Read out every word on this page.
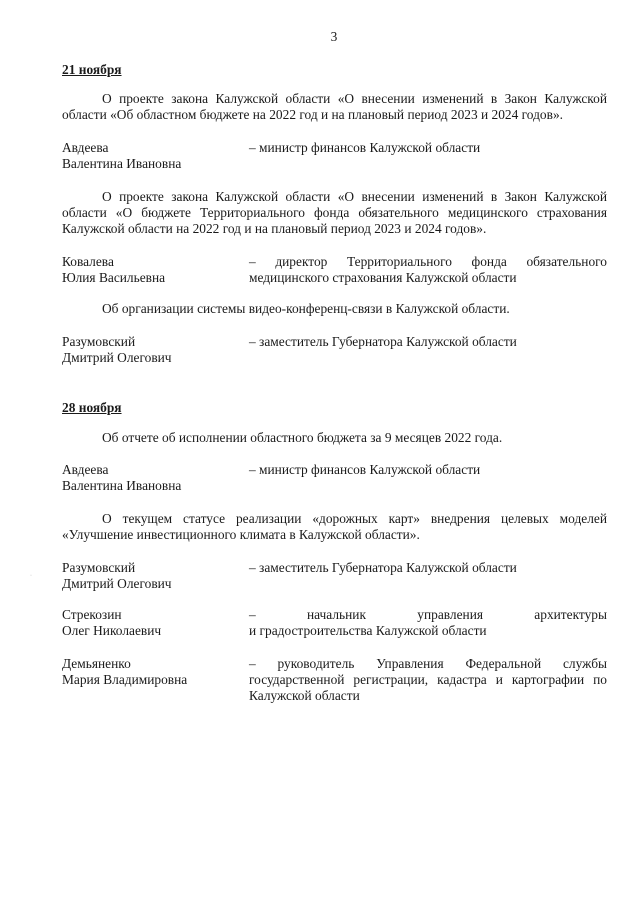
3
21 ноября
О проекте закона Калужской области «О внесении изменений в Закон Калужской области «Об областном бюджете на 2022 год и на плановый период 2023 и 2024 годов».
Авдеева
Валентина Ивановна
– министр финансов Калужской области
О проекте закона Калужской области «О внесении изменений в Закон Калужской области «О бюджете Территориального фонда обязательного медицинского страхования Калужской области на 2022 год и на плановый период 2023 и 2024 годов».
Ковалева
Юлия Васильевна
– директор Территориального фонда обязательного медицинского страхования Калужской области
Об организации системы видео-конференц-связи в Калужской области.
Разумовский
Дмитрий Олегович
– заместитель Губернатора Калужской области
28 ноября
Об отчете об исполнении областного бюджета за 9 месяцев 2022 года.
Авдеева
Валентина Ивановна
– министр финансов Калужской области
О текущем статусе реализации «дорожных карт» внедрения целевых моделей «Улучшение инвестиционного климата в Калужской области».
Разумовский
Дмитрий Олегович
– заместитель Губернатора Калужской области
Стрекозин
Олег Николаевич
– начальник управления архитектуры
и градостроительства Калужской области
Демьяненко
Мария Владимировна
– руководитель Управления Федеральной службы государственной регистрации, кадастра и картографии по Калужской области
·
